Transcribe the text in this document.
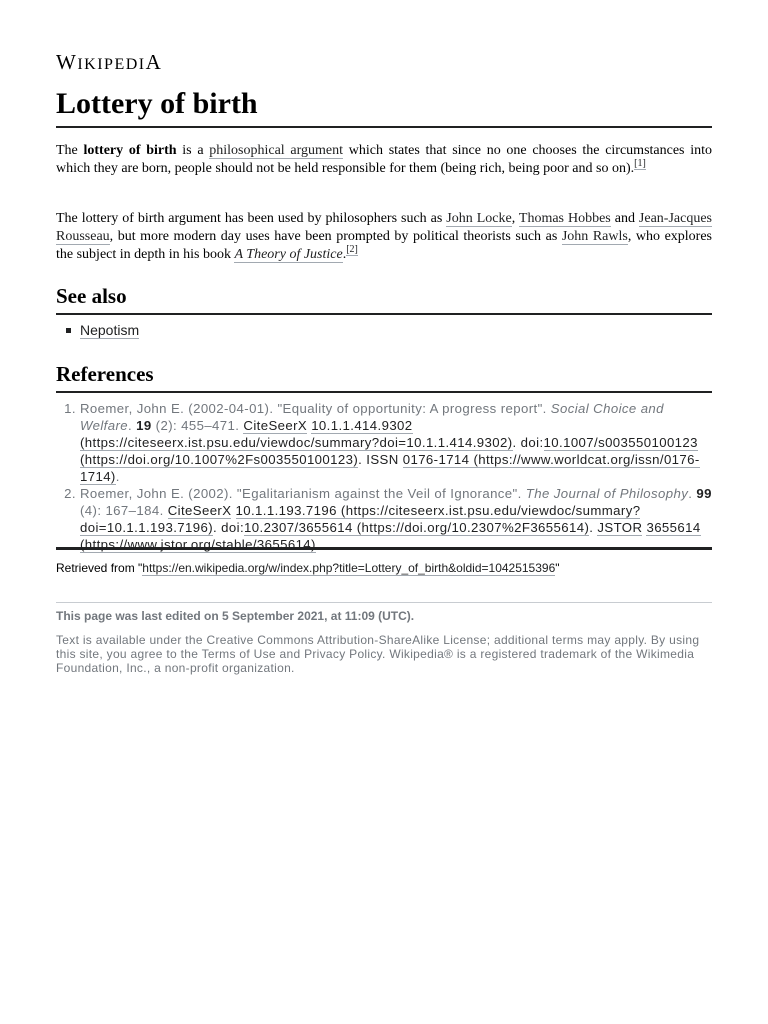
WIKIPEDIA
Lottery of birth

The lottery of birth is a philosophical argument which states that since no one chooses the circumstances into which they are born, people should not be held responsible for them (being rich, being poor and so on).[1]

The lottery of birth argument has been used by philosophers such as John Locke, Thomas Hobbes and Jean-Jacques Rousseau, but more modern day uses have been prompted by political theorists such as John Rawls, who explores the subject in depth in his book A Theory of Justice.[2]

See also
Nepotism
References
1. Roemer, John E. (2002-04-01). "Equality of opportunity: A progress report". Social Choice and Welfare. 19 (2): 455–471. CiteSeerX 10.1.1.414.9302 (https://citeseerx.ist.psu.edu/viewdoc/summary?doi=10.1.1.414.9302). doi:10.1007/s003550100123 (https://doi.org/10.1007%2Fs003550100123). ISSN 0176-1714 (https://www.worldcat.org/issn/0176-1714).
2. Roemer, John E. (2002). "Egalitarianism against the Veil of Ignorance". The Journal of Philosophy. 99 (4): 167–184. CiteSeerX 10.1.1.193.7196 (https://citeseerx.ist.psu.edu/viewdoc/summary?doi=10.1.1.193.7196). doi:10.2307/3655614 (https://doi.org/10.2307%2F3655614). JSTOR 3655614 (https://www.jstor.org/stable/3655614).
Retrieved from "https://en.wikipedia.org/w/index.php?title=Lottery_of_birth&oldid=1042515396"
This page was last edited on 5 September 2021, at 11:09 (UTC).
Text is available under the Creative Commons Attribution-ShareAlike License; additional terms may apply. By using this site, you agree to the Terms of Use and Privacy Policy. Wikipedia® is a registered trademark of the Wikimedia Foundation, Inc., a non-profit organization.
